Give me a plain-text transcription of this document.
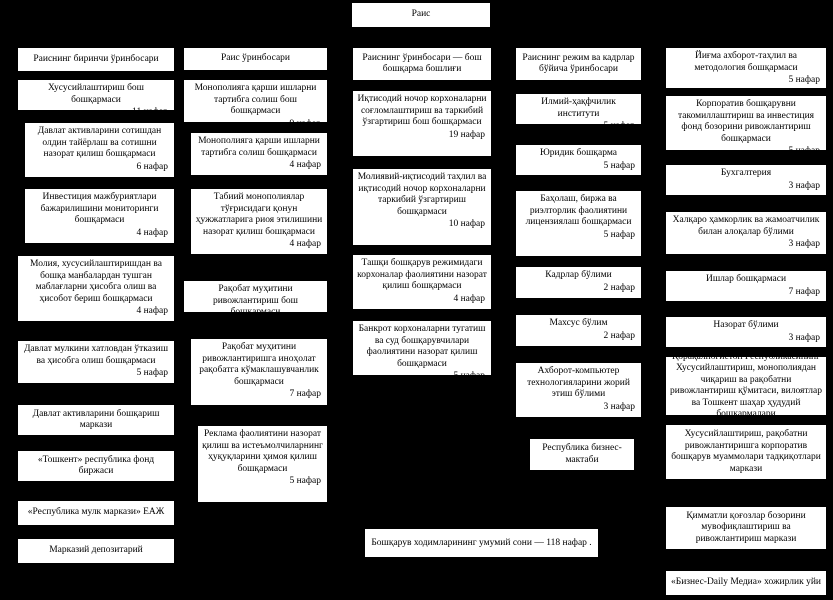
Раис
Раиснинг биринчи ўринбосари
Хусусийлаштириш бош бошқармаси
11 нафар
Давлат активларини сотишдан олдин тайёрлаш ва сотишни назорат қилиш бошқармаси
6 нафар
Инвестиция мажбуриятлари бажарилишини мониторинги бошқармаси
4 нафар
Молия, хусусийлаштиришдан ва бошқа манбалардан тушган маблағларни ҳисобга олиш ва ҳисобот бериш бошқармаси
4 нафар
Давлат мулкини хатловдан ўтказиш ва ҳисобга олиш бошқармаси
5 нафар
Давлат активларини бошқариш маркази
«Тошкент» республика фонд биржаси
«Республика мулк маркази» ЕАЖ
Марказий депозитарий
Раис ўринбосари
Монополияга қарши ишларни тартибга солиш бош бошқармаси
9 нафар
Монополияга қарши ишларни тартибга солиш бошқармаси
4 нафар
Табиий монополиялар тўғрисидаги қонун ҳужжатларига риоя этилишини назорат қилиш бошқармаси
4 нафар
Рақобат муҳитини ривожлантириш бош бошқармаси
13 нафар
Рақобат муҳитини ривожлантиришга иноҳолат рақобатга кўмаклашувчанлик бошқармаси
7 нафар
Реклама фаолиятини назорат қилиш ва истеъмолчиларнинг ҳуқуқларини ҳимоя қилиш бошқармаси
5 нафар
Раиснинг ўринбосари — бош бошқарма бошлиғи
Иқтисодий ночор корхоналарни соғломлаштириш ва таркибий ўзгартириш бош бошқармаси
19 нафар
Молиявий-иқтисодий таҳлил ва иқтисодий ночор корхоналарни таркибий ўзгартириш бошқармаси
10 нафар
Ташқи бошқарув режимидаги корхоналар фаолиятини назорат қилиш бошқармаси
4 нафар
Банкрот корхоналарни тугатиш ва суд бошқарувчилари фаолиятини назорат қилиш бошқармаси
5 нафар
Раиснинг режим ва кадрлар бўйича ўринбосари
Илмий-ҳақфчилик институти
5 нафар
Юридик бошқарма
5 нафар
Баҳолаш, биржа ва риэлторлик фаолиятини лицензиялаш бошқармаси
5 нафар
Кадрлар бўлими
2 нафар
Махсус бўлим
2 нафар
Ахборот-компьютер технологияларини жорий этиш бўлими
3 нафар
Республика бизнес-мактаби
Йиғма ахборот-таҳлил ва методология бошқармаси
5 нафар
Корпоратив бошқарувни такомиллаштириш ва инвестиция фонд бозорини ривожлантириш бошқармаси
5 нафар
Бухгалтерия
3 нафар
Халқаро ҳамкорлик ва жамоатчилик билан алоқалар бўлими
3 нафар
Ишлар бошқармаси
7 нафар
Назорат бўлими
3 нафар
Қорақалпоғистон Республикасининг Хусусийлаштириш, монополиядан чиқариш ва рақобатни ривожлантириш қўмитаси, вилоятлар ва Тошкент шаҳар ҳудудий бошқармалари
Хусусийлаштириш, рақобатни ривожлантиришга корпоратив бошқарув муаммолари тадқиқотлари маркази
Қимматли қоғозлар бозорини мувофиқлаштириш ва ривожлантириш маркази
«Бизнес-Daily Медиа» хожирлик уйи
Бошқарув ходимларининг умумий сони — 118 нафар .
